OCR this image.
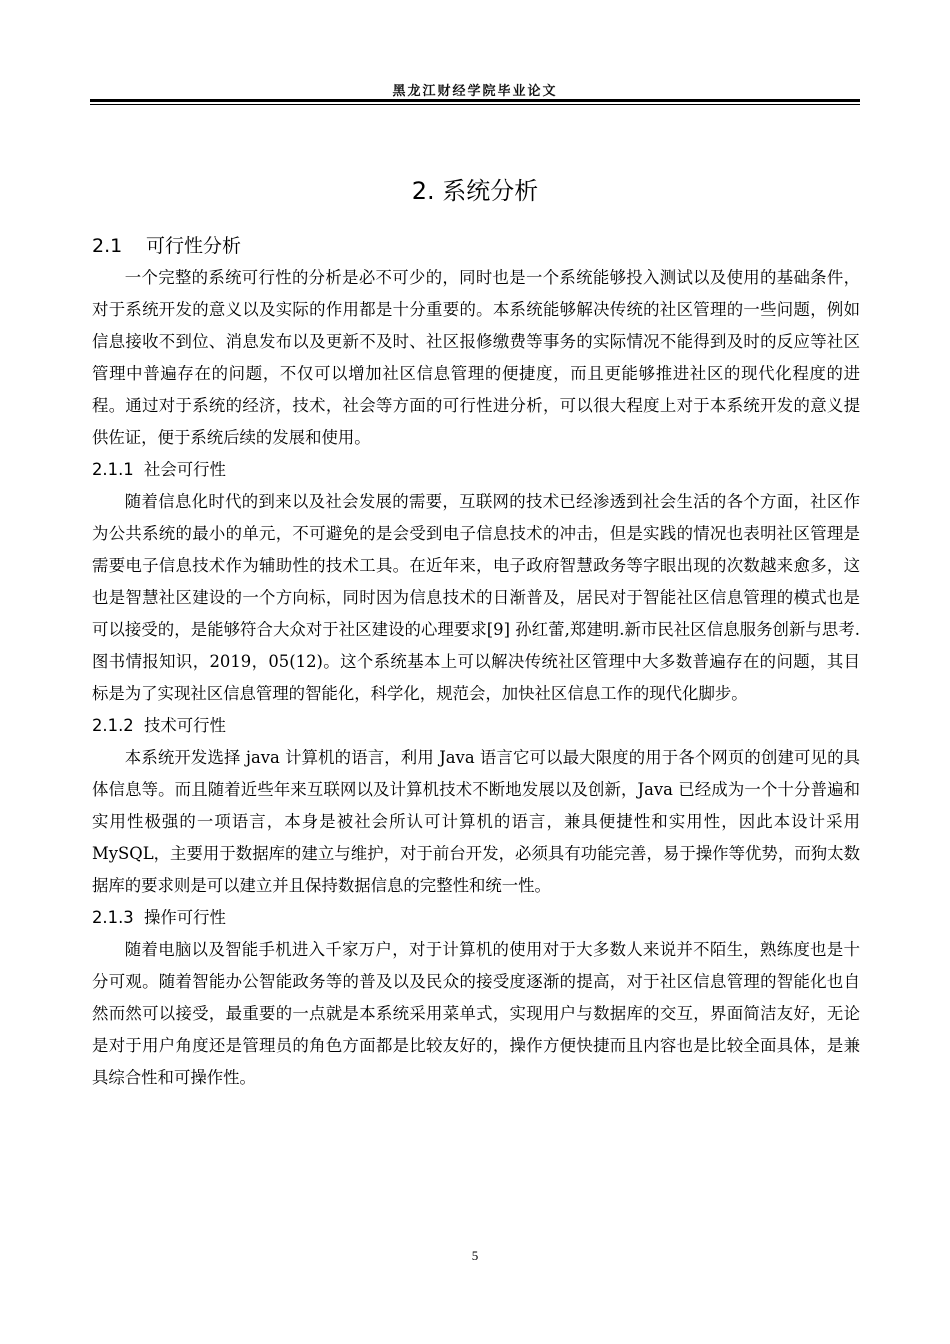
黑龙江财经学院毕业论文
2. 系统分析
2.1 可行性分析

一个完整的系统可行性的分析是必不可少的，同时也是一个系统能够投入测试以及使用的基础条件，对于系统开发的意义以及实际的作用都是十分重要的。本系统能够解决传统的社区管理的一些问题，例如信息接收不到位、消息发布以及更新不及时、社区报修缴费等事务的实际情况不能得到及时的反应等社区管理中普遍存在的问题，不仅可以增加社区信息管理的便捷度，而且更能够推进社区的现代化程度的进程。通过对于系统的经济，技术，社会等方面的可行性进分析，可以很大程度上对于本系统开发的意义提供佐证，便于系统后续的发展和使用。

2.1.1 社会可行性

随着信息化时代的到来以及社会发展的需要，互联网的技术已经渗透到社会生活的各个方面，社区作为公共系统的最小的单元，不可避免的是会受到电子信息技术的冲击，但是实践的情况也表明社区管理是需要电子信息技术作为辅助性的技术工具。在近年来，电子政府智慧政务等字眼出现的次数越来愈多，这也是智慧社区建设的一个方向标，同时因为信息技术的日渐普及，居民对于智能社区信息管理的模式也是可以接受的，是能够符合大众对于社区建设的心理要求[9] 孙红蕾,郑建明.新市民社区信息服务创新与思考.图书情报知识，2019，05(12)。这个系统基本上可以解决传统社区管理中大多数普遍存在的问题，其目标是为了实现社区信息管理的智能化，科学化，规范会，加快社区信息工作的现代化脚步。

2.1.2 技术可行性

本系统开发选择 java 计算机的语言，利用 Java 语言它可以最大限度的用于各个网页的创建可见的具体信息等。而且随着近些年来互联网以及计算机技术不断地发展以及创新，Java 已经成为一个十分普遍和实用性极强的一项语言，本身是被社会所认可计算机的语言，兼具便捷性和实用性，因此本设计采用 MySQL，主要用于数据库的建立与维护，对于前台开发，必须具有功能完善，易于操作等优势，而狗太数据库的要求则是可以建立并且保持数据信息的完整性和统一性。

2.1.3 操作可行性

随着电脑以及智能手机进入千家万户，对于计算机的使用对于大多数人来说并不陌生，熟练度也是十分可观。随着智能办公智能政务等的普及以及民众的接受度逐渐的提高，对于社区信息管理的智能化也自然而然可以接受，最重要的一点就是本系统采用菜单式，实现用户与数据库的交互，界面简洁友好，无论是对于用户角度还是管理员的角色方面都是比较友好的，操作方便快捷而且内容也是比较全面具体，是兼具综合性和可操作性。

5
